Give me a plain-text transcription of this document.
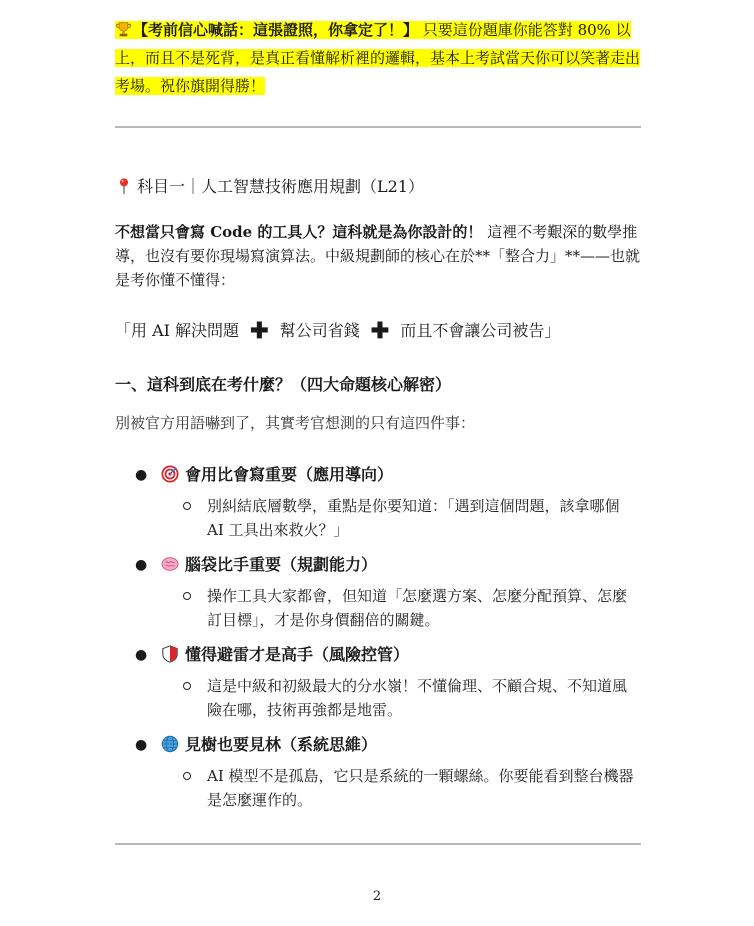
【考前信心喊話：這張證照，你拿定了！】 只要這份題庫你能答對 80% 以上，而且不是死背，是真正看懂解析裡的邏輯，基本上考試當天你可以笑著走出考場。祝你旗開得勝！
科目一｜人工智慧技術應用規劃（L21）
不想當只會寫 Code 的工具人？這科就是為你設計的！ 這裡不考艱深的數學推導，也沒有要你現場寫演算法。中級規劃師的核心在於**「整合力」**——也就是考你懂不懂得：
「用 AI 解決問題 ✚ 幫公司省錢 ✚ 而且不會讓公司被告」
一、這科到底在考什麼？（四大命題核心解密）
別被官方用語嚇到了，其實考官想測的只有這四件事：
● 會用比會寫重要（應用導向）
別糾結底層數學，重點是你要知道：「遇到這個問題，該拿哪個 AI 工具出來救火？」
● 腦袋比手重要（規劃能力）
操作工具大家都會，但知道「怎麼選方案、怎麼分配預算、怎麼訂目標」，才是你身價翻倍的關鍵。
● 懂得避雷才是高手（風險控管）
這是中級和初級最大的分水嶺！不懂倫理、不顧合規、不知道風險在哪，技術再強都是地雷。
● 見樹也要見林（系統思維）
AI 模型不是孤島，它只是系統的一顆螺絲。你要能看到整台機器是怎麼運作的。
2
